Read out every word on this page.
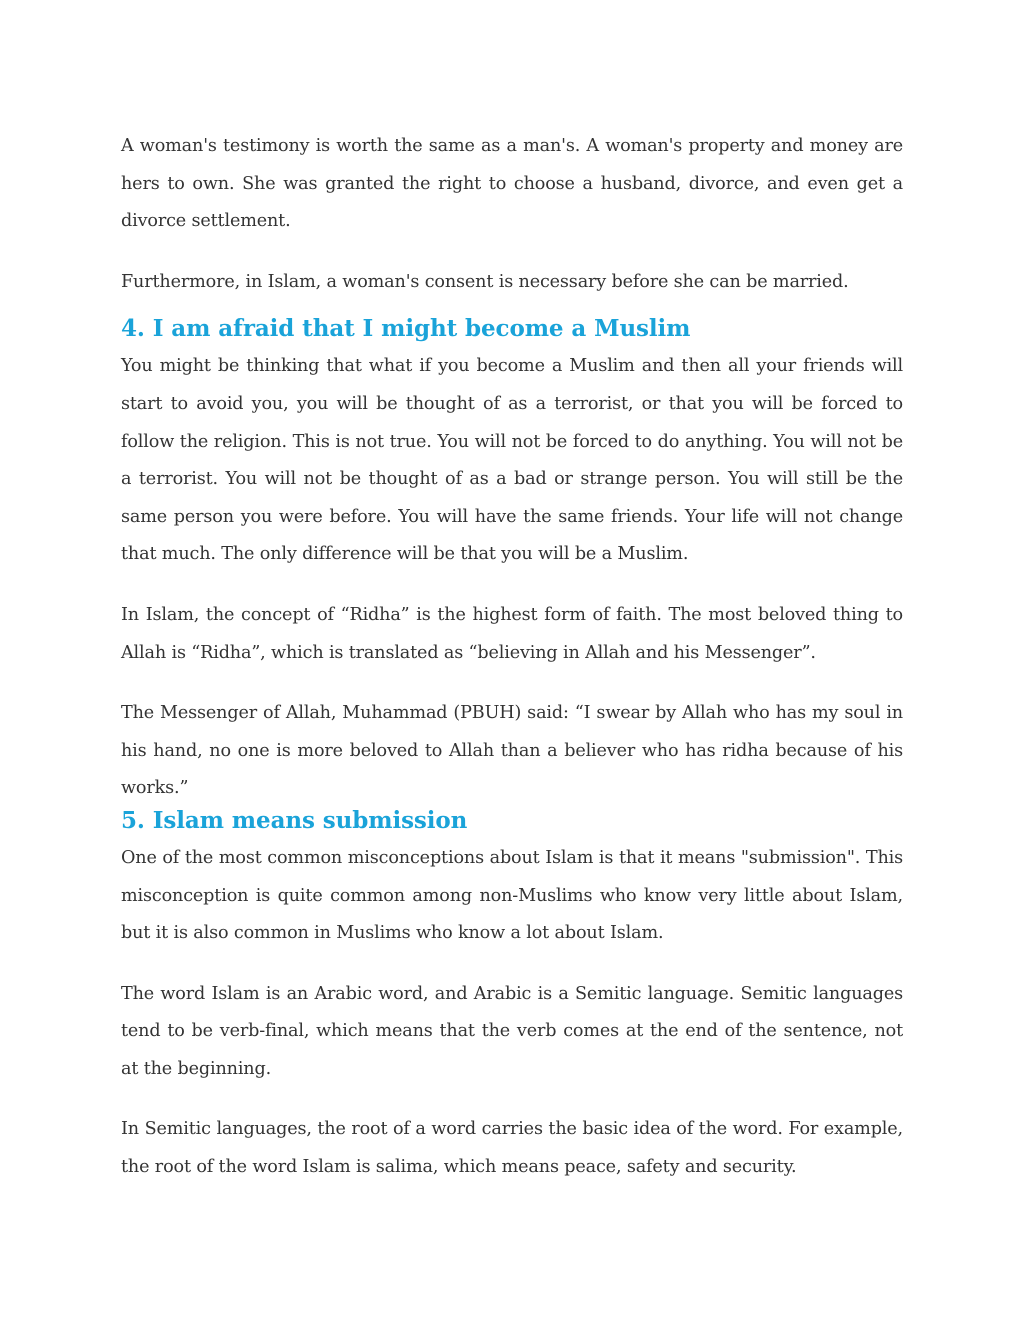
A woman's testimony is worth the same as a man's. A woman's property and money are hers to own. She was granted the right to choose a husband, divorce, and even get a divorce settlement.

Furthermore, in Islam, a woman's consent is necessary before she can be married.

4. I am afraid that I might become a Muslim

You might be thinking that what if you become a Muslim and then all your friends will start to avoid you, you will be thought of as a terrorist, or that you will be forced to follow the religion. This is not true. You will not be forced to do anything. You will not be a terrorist. You will not be thought of as a bad or strange person. You will still be the same person you were before. You will have the same friends. Your life will not change that much. The only difference will be that you will be a Muslim.

In Islam, the concept of “Ridha” is the highest form of faith. The most beloved thing to Allah is “Ridha”, which is translated as “believing in Allah and his Messenger”.

The Messenger of Allah, Muhammad (PBUH) said: “I swear by Allah who has my soul in his hand, no one is more beloved to Allah than a believer who has ridha because of his works.”

5. Islam means submission

One of the most common misconceptions about Islam is that it means "submission". This misconception is quite common among non-Muslims who know very little about Islam, but it is also common in Muslims who know a lot about Islam.

The word Islam is an Arabic word, and Arabic is a Semitic language. Semitic languages tend to be verb-final, which means that the verb comes at the end of the sentence, not at the beginning.

In Semitic languages, the root of a word carries the basic idea of the word. For example, the root of the word Islam is salima, which means peace, safety and security.
